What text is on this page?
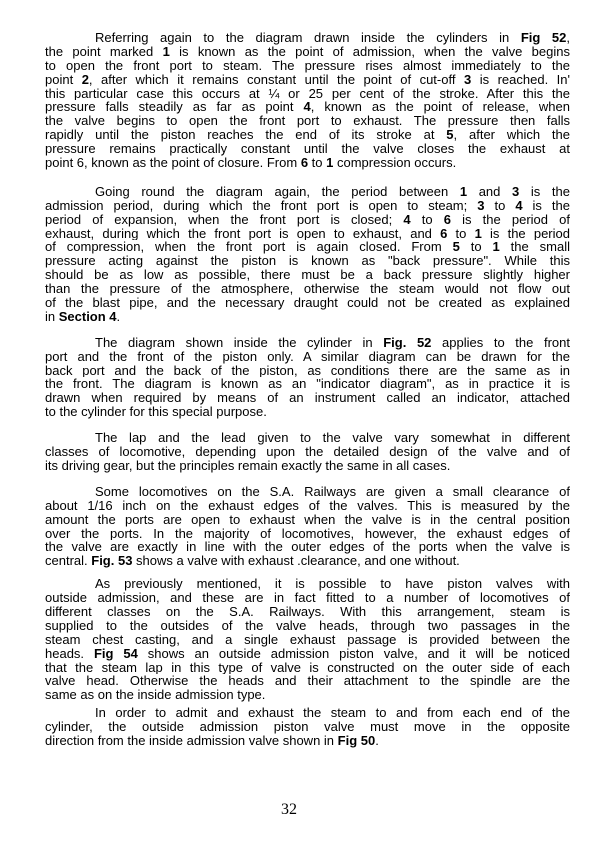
Referring again to the diagram drawn inside the cylinders in Fig 52,
the point marked 1 is known as the point of admission, when the valve begins
to open the front port to steam. The pressure rises almost immediately to the
point 2, after which it remains constant until the point of cut-off 3 is reached. In'
this particular case this occurs at ¼ or 25 per cent of the stroke. After this the
pressure falls steadily as far as point 4, known as the point of release, when
the valve begins to open the front port to exhaust. The pressure then falls
rapidly until the piston reaches the end of its stroke at 5, after which the
pressure remains practically constant until the valve closes the exhaust at
point 6, known as the point of closure. From 6 to 1 compression occurs.
Going round the diagram again, the period between 1 and 3 is the
admission period, during which the front port is open to steam; 3 to 4 is the
period of expansion, when the front port is closed; 4 to 6 is the period of
exhaust, during which the front port is open to exhaust, and 6 to 1 is the period
of compression, when the front port is again closed. From 5 to 1 the small
pressure acting against the piston is known as "back pressure". While this
should be as low as possible, there must be a back pressure slightly higher
than the pressure of the atmosphere, otherwise the steam would not flow out
of the blast pipe, and the necessary draught could not be created as explained
in Section 4.
The diagram shown inside the cylinder in Fig. 52 applies to the front
port and the front of the piston only. A similar diagram can be drawn for the
back port and the back of the piston, as conditions there are the same as in
the front. The diagram is known as an "indicator diagram", as in practice it is
drawn when required by means of an instrument called an indicator, attached
to the cylinder for this special purpose.
The lap and the lead given to the valve vary somewhat in different
classes of locomotive, depending upon the detailed design of the valve and of
its driving gear, but the principles remain exactly the same in all cases.
Some locomotives on the S.A. Railways are given a small clearance of
about 1/16 inch on the exhaust edges of the valves. This is measured by the
amount the ports are open to exhaust when the valve is in the central position
over the ports. In the majority of locomotives, however, the exhaust edges of
the valve are exactly in line with the outer edges of the ports when the valve is
central. Fig. 53 shows a valve with exhaust .clearance, and one without.
As previously mentioned, it is possible to have piston valves with
outside admission, and these are in fact fitted to a number of locomotives of
different classes on the S.A. Railways. With this arrangement, steam is
supplied to the outsides of the valve heads, through two passages in the
steam chest casting, and a single exhaust passage is provided between the
heads. Fig 54 shows an outside admission piston valve, and it will be noticed
that the steam lap in this type of valve is constructed on the outer side of each
valve head. Otherwise the heads and their attachment to the spindle are the
same as on the inside admission type.
In order to admit and exhaust the steam to and from each end of the
cylinder, the outside admission piston valve must move in the opposite
direction from the inside admission valve shown in Fig 50.
32
